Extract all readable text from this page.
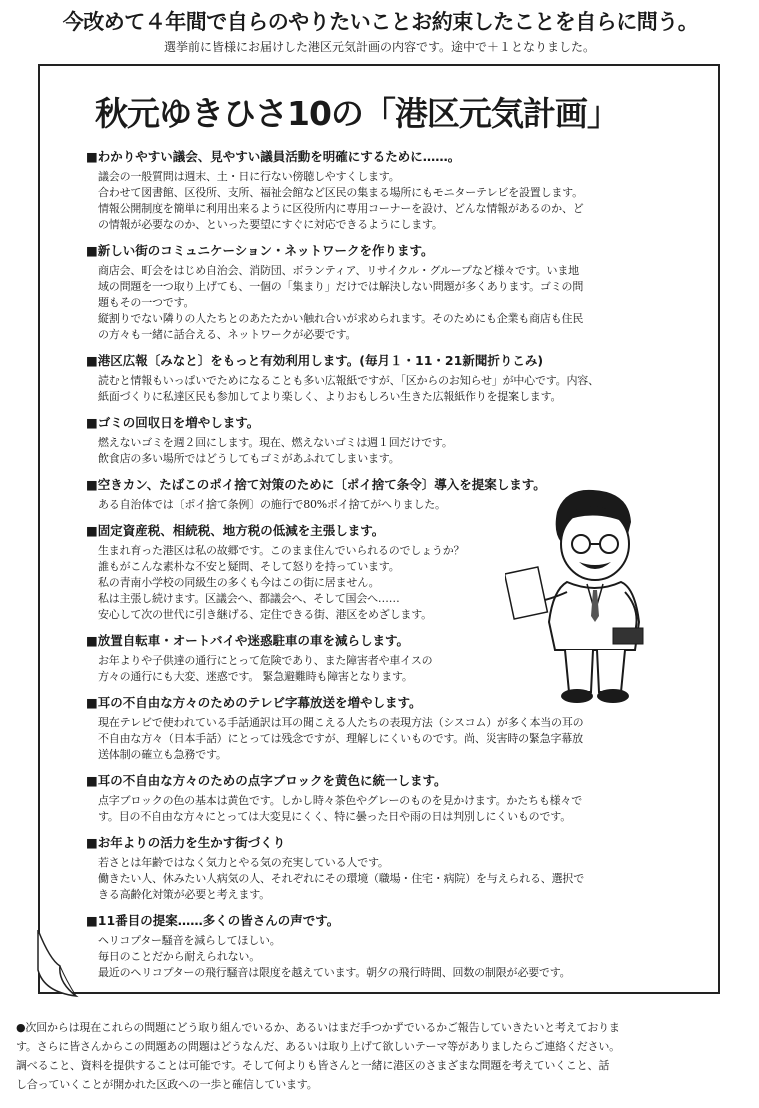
今改めて４年間で自らのやりたいことお約束したことを自らに問う。
選挙前に皆様にお届けした港区元気計画の内容です。途中で＋１となりました。
秋元ゆきひさ10の「港区元気計画」
■わかりやすい議会、見やすい議員活動を明確にするために……。
議会の一般質問は週末、土・日に行ない傍聴しやすくします。
合わせて図書館、区役所、支所、福祉会館など区民の集まる場所にもモニターテレビを設置します。
情報公開制度を簡単に利用出来るように区役所内に専用コーナーを設け、どんな情報があるのか、ど
の情報が必要なのか、といった要望にすぐに対応できるようにします。
■新しい街のコミュニケーション・ネットワークを作ります。
商店会、町会をはじめ自治会、消防団、ボランティア、リサイクル・グループなど様々です。いま地
域の問題を一つ取り上げても、一個の「集まり」だけでは解決しない問題が多くあります。ゴミの問
題もその一つです。
縦割りでない隣りの人たちとのあたたかい触れ合いが求められます。そのためにも企業も商店も住民
の方々も一緒に話合える、ネットワークが必要です。
■港区広報〔みなと〕をもっと有効利用します。(毎月１・11・21新聞折りこみ)
読むと情報もいっぱいでためになることも多い広報紙ですが、「区からのお知らせ」が中心です。内容、
紙面づくりに私達区民も参加してより楽しく、よりおもしろい生きた広報紙作りを提案します。
■ゴミの回収日を増やします。
燃えないゴミを週２回にします。現在、燃えないゴミは週１回だけです。
飲食店の多い場所ではどうしてもゴミがあふれてしまいます。
■空きカン、たばこのポイ捨て対策のために〔ポイ捨て条令〕導入を提案します。
ある自治体では〔ポイ捨て条例〕の施行で80%ポイ捨てがへりました。
■固定資産税、相続税、地方税の低減を主張します。
生まれ育った港区は私の故郷です。このまま住んでいられるのでしょうか？
誰もがこんな素朴な不安と疑問、そして怒りを持っています。
私の青南小学校の同級生の多くも今はこの街に居ません。
私は主張し続けます。区議会へ、都議会へ、そして国会へ……
安心して次の世代に引き継げる、定住できる街、港区をめざします。
■放置自転車・オートバイや迷惑駐車の車を減らします。
お年よりや子供達の通行にとって危険であり、また障害者や車イスの
方々の通行にも大変、迷惑です。 緊急避難時も障害となります。
■耳の不自由な方々のためのテレビ字幕放送を増やします。
現在テレビで使われている手話通訳は耳の聞こえる人たちの表現方法（シスコム）が多く本当の耳の
不自由な方々（日本手話）にとっては残念ですが、理解しにくいものです。尚、災害時の緊急字幕放
送体制の確立も急務です。
■耳の不自由な方々のための点字ブロックを黄色に統一します。
点字ブロックの色の基本は黄色です。しかし時々茶色やグレーのものを見かけます。かたちも様々で
す。目の不自由な方々にとっては大変見にくく、特に曇った日や雨の日は判別しにくいものです。
■お年よりの活力を生かす街づくり
若さとは年齢ではなく気力とやる気の充実している人です。
働きたい人、休みたい人病気の人、それぞれにその環境（職場・住宅・病院）を与えられる、選択で
きる高齢化対策が必要と考えます。
■11番目の提案……多くの皆さんの声です。
ヘリコプター騒音を減らしてほしい。
毎日のことだから耐えられない。
最近のヘリコプターの飛行騒音は限度を越えています。朝夕の飛行時間、回数の制限が必要です。
●次回からは現在これらの問題にどう取り組んでいるか、あるいはまだ手つかずでいるかご報告していきたいと考えておりま
す。さらに皆さんからこの問題あの問題はどうなんだ、あるいは取り上げて欲しいテーマ等がありましたらご連絡ください。
調べること、資料を提供することは可能です。そして何よりも皆さんと一緒に港区のさまざまな問題を考えていくこと、話
し合っていくことが開かれた区政への一歩と確信しています。
